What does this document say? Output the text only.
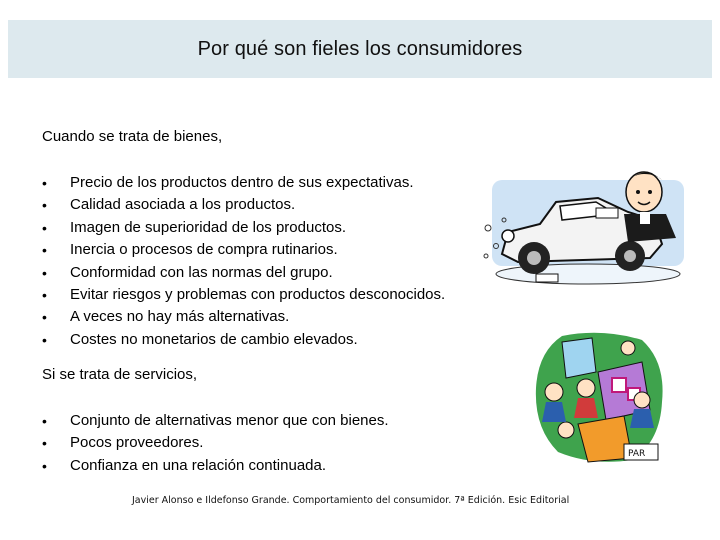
Por qué son fieles los consumidores
Cuando se trata de bienes,
•	Precio de los productos dentro de sus expectativas.
•	Calidad asociada a los productos.
•	Imagen de superioridad de los productos.
•	Inercia o procesos de compra rutinarios.
•	Conformidad con las normas del grupo.
•	Evitar riesgos y problemas con productos desconocidos.
•	A veces no hay más alternativas.
•	Costes no monetarios de cambio elevados.
Si se trata de servicios,
•	Conjunto de alternativas menor que con bienes.
•	Pocos proveedores.
•	Confianza en una relación continuada.
PAR
Javier Alonso e Ildefonso Grande. Comportamiento del consumidor. 7ª Edición. Esic Editorial
